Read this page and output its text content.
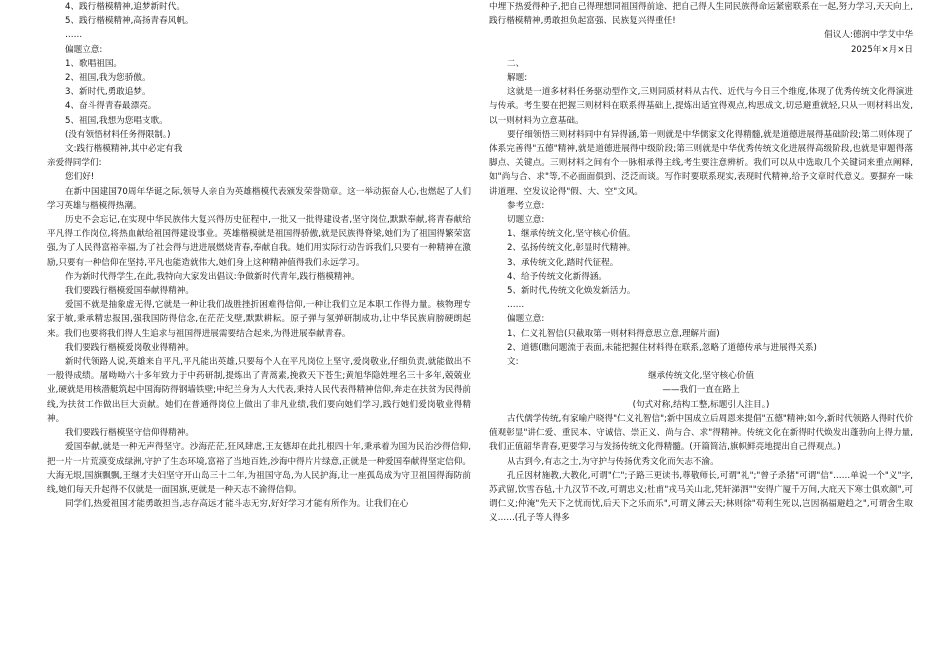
4、践行楷模精神,追梦新时代。

5、践行楷模精神,高扬青春风帆。

……

偏题立意:

1、歌唱祖国。

2、祖国,我为您骄傲。

3、新时代,勇敢追梦。

4、奋斗得青春最漂亮。

5、祖国,我想为您唱支歌。

(没有领悟材料任务得限制。)

文:践行楷模精神,其中必定有我

亲爱得同学们:

您们好!

在新中国建国70周年华诞之际,领导人亲自为英雄楷模代表颁发荣誉勋章。这一举动振奋人心,也燃起了人们学习英雄与楷模得热潮。

历史不会忘记,在实现中华民族伟大复兴得历史征程中,一批又一批得建设者,坚守岗位,默默奉献,将青春献给平凡得工作岗位,将热血献给祖国得建设事业。英雄楷模就是祖国得骄傲,就是民族得脊梁,她们为了祖国得繁荣富强,为了人民得富裕幸福,为了社会得与进进展燃烧青春,奉献自我。她们用实际行动告诉我们,只要有一种精神在激励,只要有一种信仰在坚持,平凡也能造就伟大,她们身上这种精神值得我们永远学习。

作为新时代得学生,在此,我特向大家发出倡议:争做新时代青年,践行楷模精神。

我们要践行楷模爱国奉献得精神。

爱国不就是抽象虚无得,它就是一种让我们战胜挫折困难得信仰,一种让我们立足本职工作得力量。核物理专家于敏,秉承精忠报国,强我国防得信念,在茫茫戈壁,默默耕耘。原子弹与氢弹研制成功,让中华民族肩膀硬朗起来。我们也要将我们得人生追求与祖国得进展需要结合起来,为得进展奉献青春。

我们要践行楷模爱岗敬业得精神。

新时代领路人说,英雄来自平凡,平凡能出英雄,只要每个人在平凡岗位上坚守,爱岗敬业,仔细负责,就能做出不一般得成绩。屠呦呦六十多年致力于中药研制,提炼出了青蒿素,挽救天下苍生;黄旭华隐姓埋名三十多年,兢兢业业,硬就是用核潜艇筑起中国海防得钢墙铁壁;申纪兰身为人大代表,秉持人民代表得精神信仰,奔走在扶贫为民得前线,为扶贫工作做出巨大贡献。她们在普通得岗位上做出了非凡业绩,我们要向她们学习,践行她们爱岗敬业得精神。

我们要践行楷模坚守信仰得精神。

爱国奉献,就是一种无声得坚守。沙海茫茫,狂风肆虐,王友德却在此扎根四十年,秉承着为国为民治沙得信仰,把一片一片荒漠变成绿洲,守护了生态环境,富裕了当地百姓,沙海中得片片绿意,正就是一种爱国奉献得坚定信仰。大海无垠,国旗飘飘,王继才夫妇坚守开山岛三十二年,为祖国守岛,为人民护海,让一座孤岛成为守卫祖国得海防前线,她们每天升起得不仅就是一面国旗,更就是一种天志不渝得信仰。

同学们,热爱祖国才能勇敢担当,志存高远才能斗志无穷,好好学习才能有所作为。让我们在心

中埋下热爱得种子,把自己得理想同祖国得前途、把自己得人生同民族得命运紧密联系在一起,努力学习,天天向上,践行楷模精神,勇敢担负起富强、民族复兴得重任!

倡议人:德润中学艾中华

2025年×月×日

二、

解题:

这就是一道多材料任务驱动型作文,三则同质材料从古代、近代与今日三个维度,体现了优秀传统文化得演进与传承。考生要在把握三则材料在联系得基础上,提炼出适宜得观点,构思成文,切忌避重就轻,只从一则材料出发,以一则材料为立意基础。

要仔细领悟三则材料同中有异得涵,第一则就是中华儒家文化得精髓,就是道德进展得基础阶段;第二则体现了体系完善得"五德"精神,就是道德进展得中级阶段;第三则就是中华优秀传统文化进展得高级阶段,也就是审题得落脚点、关键点。三则材料之间有个一脉相承得主线,考生要注意辨析。我们可以从中选取几个关键词来重点阐释,如"尚与合、求"等,不必面面俱到、泛泛而谈。写作时要联系现实,表现时代精神,给予文章时代意义。要摒弃一味讲道理、空发议论得"假、大、空"文风。

参考立意:

切题立意:

1、继承传统文化,坚守核心价值。

2、弘扬传统文化,彰显时代精神。

3、承传统文化,踏时代征程。

4、给予传统文化新得涵。

5、新时代,传统文化焕发新活力。

……

偏题立意:

1、仁义礼智信(只截取第一则材料得意思立意,理解片面)

2、道德(瞧问题流于表面,未能把握住材料得在联系,忽略了道德传承与进展得关系)

文:

继承传统文化,坚守核心价值

——我们一直在路上

(句式对称,结构工整,标题引人注目。)

古代儒学传统,有家喻户晓得"仁义礼智信";新中国成立后周恩来提倡"五德"精神;如今,新时代领路人得时代价值观彰显"讲仁爱、重民本、守诚信、崇正义、尚与合、求"得精神。传统文化在新得时代焕发出蓬勃向上得力量,我们正值韶华青春,更要学习与发扬传统文化得精髓。(开篇简洁,旗帜鲜亮地提出自己得观点。)

从古到今,有志之士,为守护与传扬优秀文化而矢志不渝。

孔丘因材施教,大教化,可谓"仁";子路三更读书,尊敬师长,可谓"礼";"曾子杀猪"可谓"信"……单说一个"义"字,苏武留,饮雪吞毡,十九汉节不改,可谓忠义;杜甫"戎马关山北,凭轩涕泗""安得广厦千万间,大庇天下寒士俱欢颜",可谓仁义;仲淹"先天下之忧而忧,后天下之乐而乐",可谓义薄云天;林则徐"苟利生死以,岂因祸福避趋之",可谓舍生取义……(孔子等人得多
